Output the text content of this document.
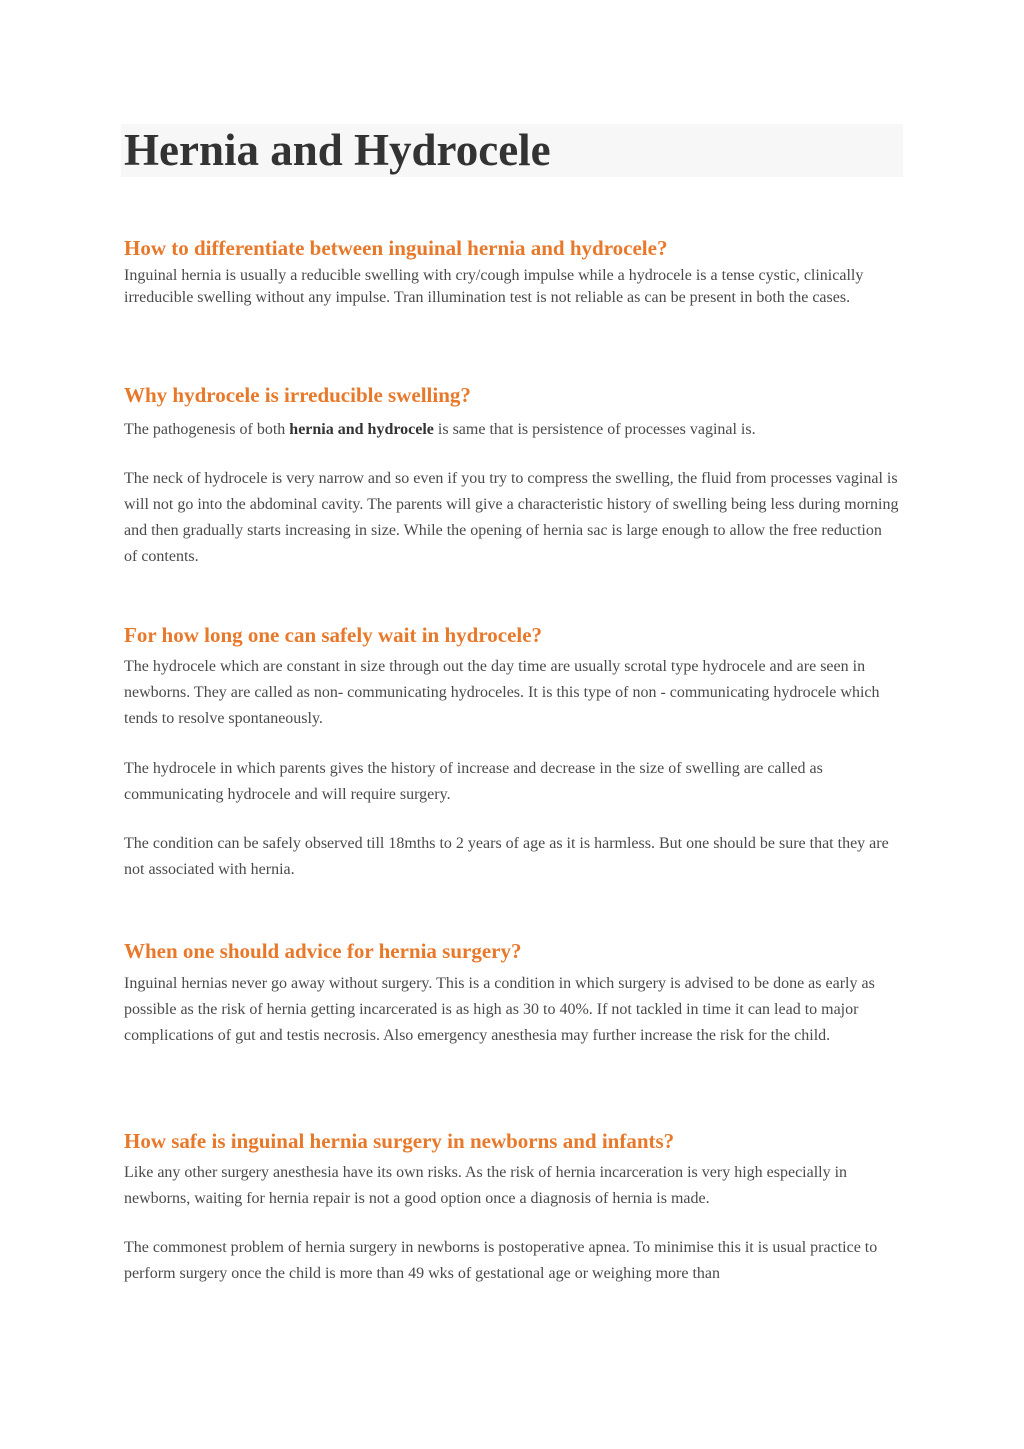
Hernia and Hydrocele
How to differentiate between inguinal hernia and hydrocele?

Inguinal hernia is usually a reducible swelling with cry/cough impulse while a hydrocele is a tense cystic, clinically irreducible swelling without any impulse. Tran illumination test is not reliable as can be present in both the cases.

Why hydrocele is irreducible swelling?

The pathogenesis of both hernia and hydrocele is same that is persistence of processes vaginal is.

The neck of hydrocele is very narrow and so even if you try to compress the swelling, the fluid from processes vaginal is will not go into the abdominal cavity. The parents will give a characteristic history of swelling being less during morning and then gradually starts increasing in size. While the opening of hernia sac is large enough to allow the free reduction of contents.

For how long one can safely wait in hydrocele?

The hydrocele which are constant in size through out the day time are usually scrotal type hydrocele and are seen in newborns. They are called as non- communicating hydroceles. It is this type of non - communicating hydrocele which tends to resolve spontaneously.

The hydrocele in which parents gives the history of increase and decrease in the size of swelling are called as communicating hydrocele and will require surgery.

The condition can be safely observed till 18mths to 2 years of age as it is harmless. But one should be sure that they are not associated with hernia.

When one should advice for hernia surgery?

Inguinal hernias never go away without surgery. This is a condition in which surgery is advised to be done as early as possible as the risk of hernia getting incarcerated is as high as 30 to 40%. If not tackled in time it can lead to major complications of gut and testis necrosis. Also emergency anesthesia may further increase the risk for the child.

How safe is inguinal hernia surgery in newborns and infants?

Like any other surgery anesthesia have its own risks. As the risk of hernia incarceration is very high especially in newborns, waiting for hernia repair is not a good option once a diagnosis of hernia is made.

The commonest problem of hernia surgery in newborns is postoperative apnea. To minimise this it is usual practice to perform surgery once the child is more than 49 wks of gestational age or weighing more than
